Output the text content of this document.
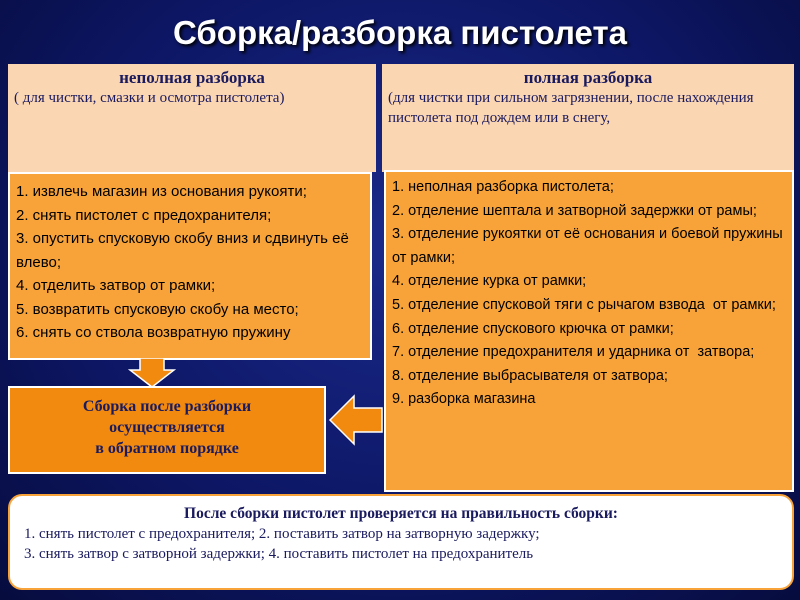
Сборка/разборка пистолета
неполная разборка
( для чистки, смазки и осмотра пистолета)
полная разборка
(для чистки при сильном загрязнении, после нахождения пистолета под дождем или в снегу,
1. извлечь магазин из основания рукояти;
2. снять пистолет с предохранителя;
3. опустить спусковую скобу вниз и сдвинуть её влево;
4. отделить затвор от рамки;
5. возвратить спусковую скобу на место;
6. снять со ствола возвратную пружину
1. неполная разборка пистолета;
2. отделение шептала и затворной задержки от рамы;
3. отделение рукоятки от её основания и боевой пружины от рамки;
4. отделение курка от рамки;
5. отделение спусковой тяги с рычагом взвода  от рамки;
6. отделение спускового крючка от рамки;
7. отделение предохранителя и ударника от  затвора;
8. отделение выбрасывателя от затвора;
9. разборка магазина
Сборка после разборки
осуществляется
в обратном порядке
После сборки пистолет проверяется на правильность сборки:
1. снять пистолет с предохранителя; 2. поставить затвор на затворную задержку;
3. снять затвор с затворной задержки; 4. поставить пистолет на предохранитель
